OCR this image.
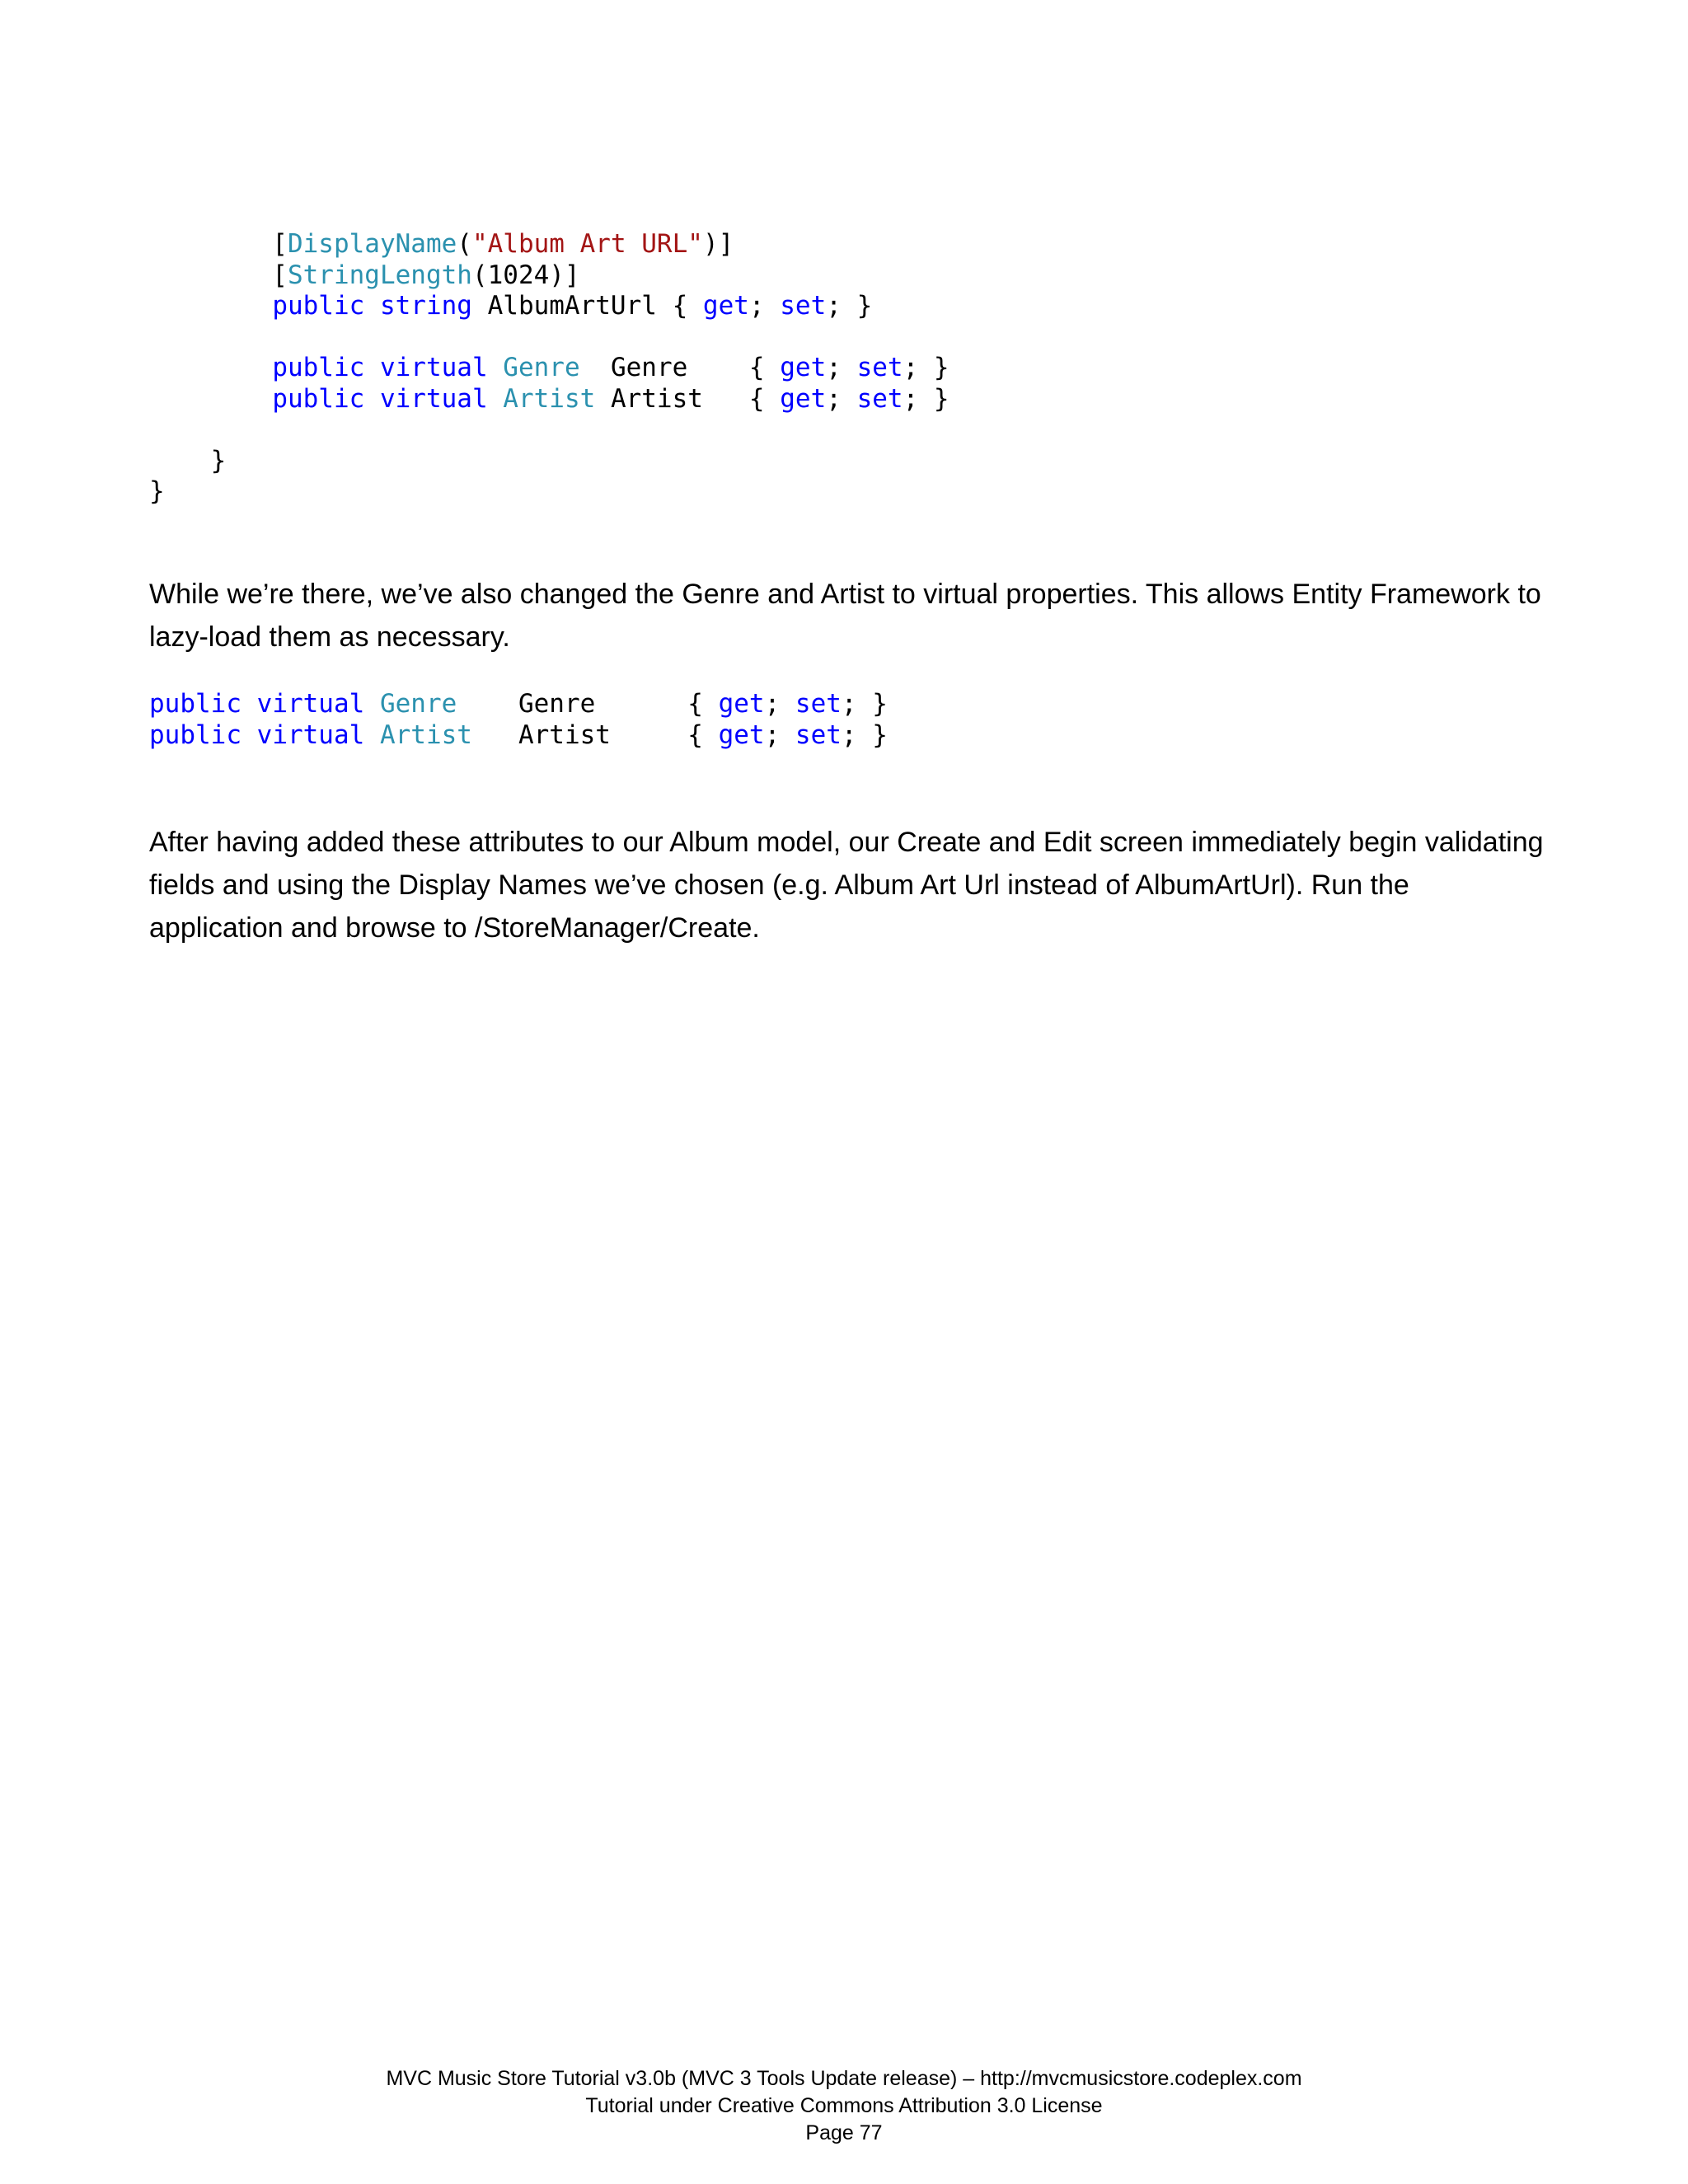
[DisplayName("Album Art URL")]
[StringLength(1024)]
public string AlbumArtUrl { get; set; }

public virtual Genre  Genre    { get; set; }
public virtual Artist Artist   { get; set; }

}
}

While we’re there, we’ve also changed the Genre and Artist to virtual properties. This allows Entity Framework to lazy-load them as necessary.

public virtual Genre    Genre      { get; set; }
public virtual Artist   Artist     { get; set; }

After having added these attributes to our Album model, our Create and Edit screen immediately begin validating fields and using the Display Names we’ve chosen (e.g. Album Art Url instead of AlbumArtUrl). Run the application and browse to /StoreManager/Create.

MVC Music Store Tutorial v3.0b (MVC 3 Tools Update release) – http://mvcmusicstore.codeplex.com
Tutorial under Creative Commons Attribution 3.0 License
Page 77
